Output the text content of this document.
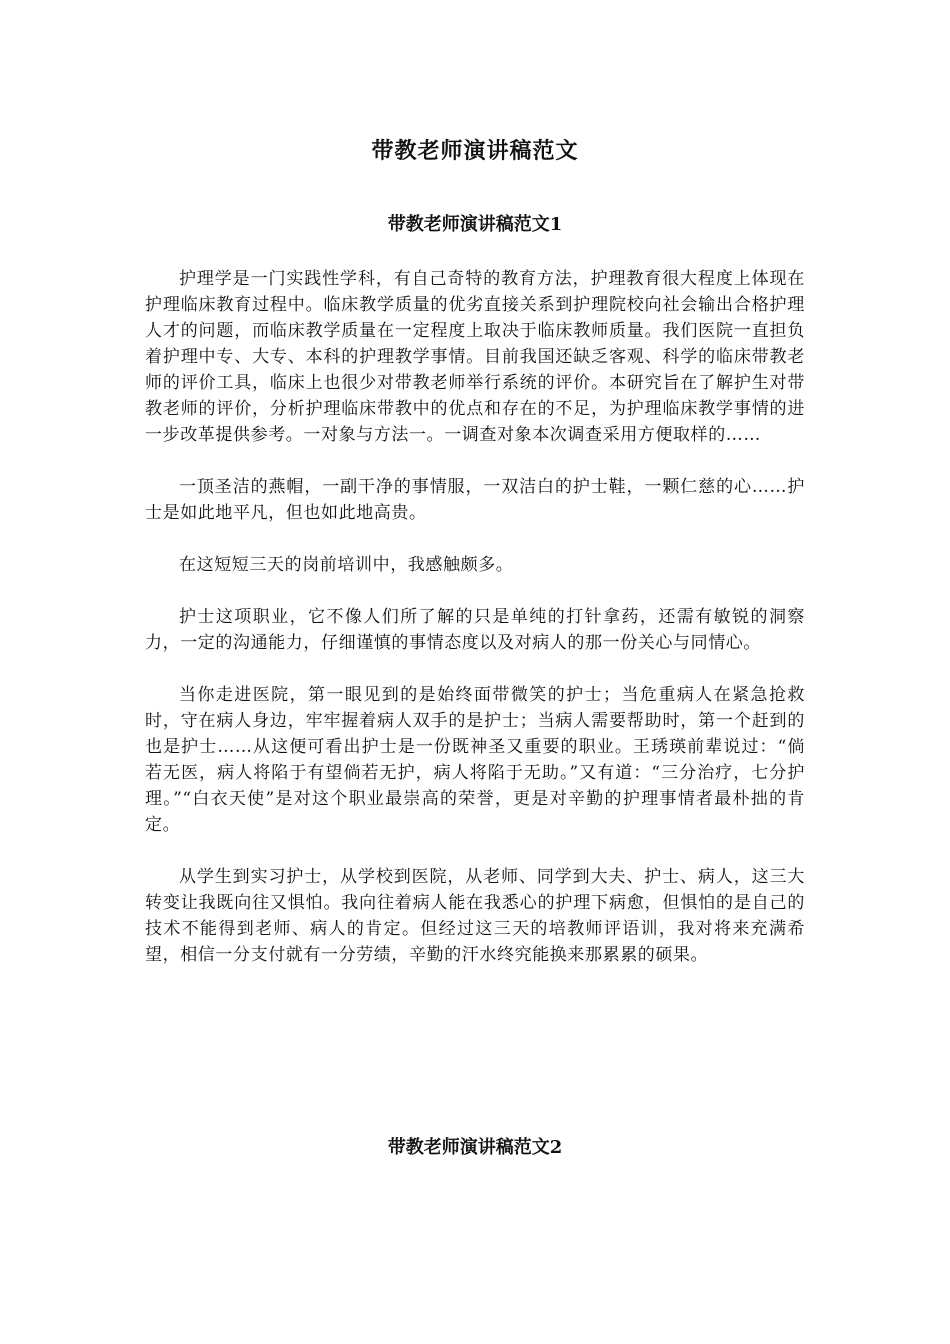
带教老师演讲稿范文
带教老师演讲稿范文1

护理学是一门实践性学科，有自己奇特的教育方法，护理教育很大程度上体现在护理临床教育过程中。临床教学质量的优劣直接关系到护理院校向社会输出合格护理人才的问题，而临床教学质量在一定程度上取决于临床教师质量。我们医院一直担负着护理中专、大专、本科的护理教学事情。目前我国还缺乏客观、科学的临床带教老师的评价工具，临床上也很少对带教老师举行系统的评价。本研究旨在了解护生对带教老师的评价，分析护理临床带教中的优点和存在的不足，为护理临床教学事情的进一步改革提供参考。一对象与方法一。一调查对象本次调查采用方便取样的……

一顶圣洁的燕帽，一副干净的事情服，一双洁白的护士鞋，一颗仁慈的心……护士是如此地平凡，但也如此地高贵。

在这短短三天的岗前培训中，我感触颇多。

护士这项职业，它不像人们所了解的只是单纯的打针拿药，还需有敏锐的洞察力，一定的沟通能力，仔细谨慎的事情态度以及对病人的那一份关心与同情心。

当你走进医院，第一眼见到的是始终面带微笑的护士；当危重病人在紧急抢救时，守在病人身边，牢牢握着病人双手的是护士；当病人需要帮助时，第一个赶到的也是护士……从这便可看出护士是一份既神圣又重要的职业。王琇瑛前辈说过：“倘若无医，病人将陷于有望倘若无护，病人将陷于无助。”又有道：“三分治疗，七分护理。”“白衣天使”是对这个职业最崇高的荣誉，更是对辛勤的护理事情者最朴拙的肯定。

从学生到实习护士，从学校到医院，从老师、同学到大夫、护士、病人，这三大转变让我既向往又惧怕。我向往着病人能在我悉心的护理下病愈，但惧怕的是自己的技术不能得到老师、病人的肯定。但经过这三天的培教师评语训，我对将来充满希望，相信一分支付就有一分劳绩，辛勤的汗水终究能换来那累累的硕果。

带教老师演讲稿范文2
